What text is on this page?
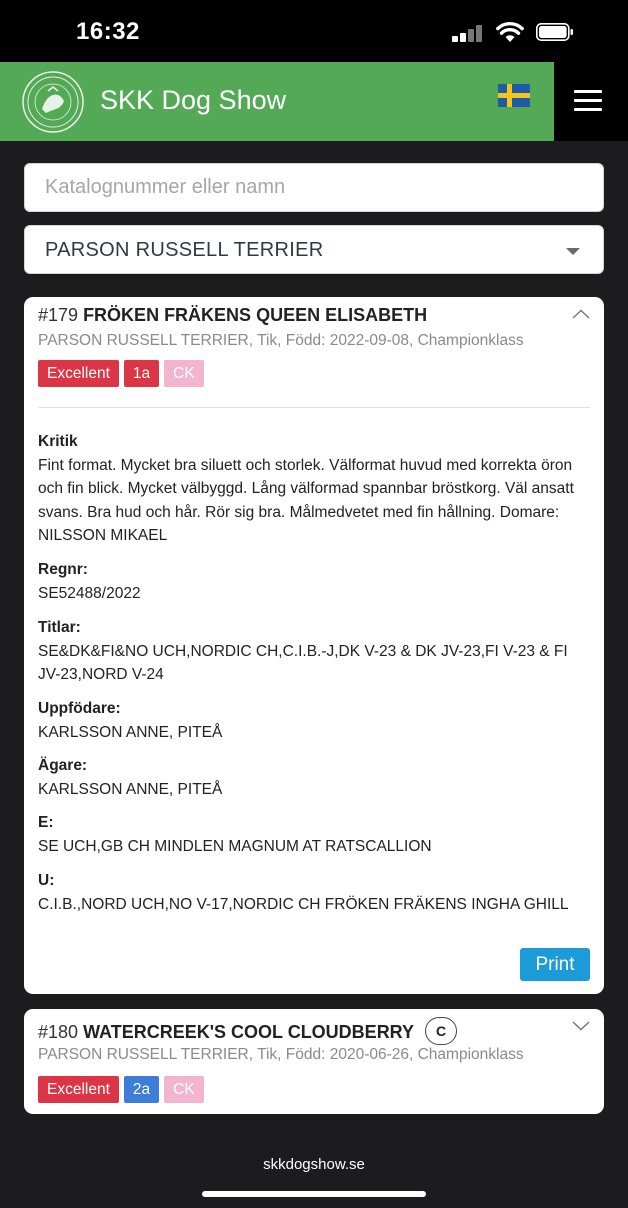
16:32
SKK Dog Show
Katalognummer eller namn
PARSON RUSSELL TERRIER
#179 FRÖKEN FRÄKENS QUEEN ELISABETH
PARSON RUSSELL TERRIER, Tik, Född: 2022-09-08, Championklass
Excellent 1a CK
Kritik
Fint format. Mycket bra siluett och storlek. Välformat huvud med korrekta öron och fin blick. Mycket välbyggd. Lång välformad spannbar bröstkorg. Väl ansatt svans. Bra hud och hår. Rör sig bra. Målmedvetet med fin hållning. Domare: NILSSON MIKAEL
Regnr:
SE52488/2022
Titlar:
SE&DK&FI&NO UCH,NORDIC CH,C.I.B.-J,DK V-23 & DK JV-23,FI V-23 & FI JV-23,NORD V-24
Uppfödare:
KARLSSON ANNE, PITEÅ
Ägare:
KARLSSON ANNE, PITEÅ
E:
SE UCH,GB CH MINDLEN MAGNUM AT RATSCALLION
U:
C.I.B.,NORD UCH,NO V-17,NORDIC CH FRÖKEN FRÄKENS INGHA GHILL
Print
#180 WATERCREEK'S COOL CLOUDBERRY C
PARSON RUSSELL TERRIER, Tik, Född: 2020-06-26, Championklass
Excellent 2a CK
skkdogshow.se
